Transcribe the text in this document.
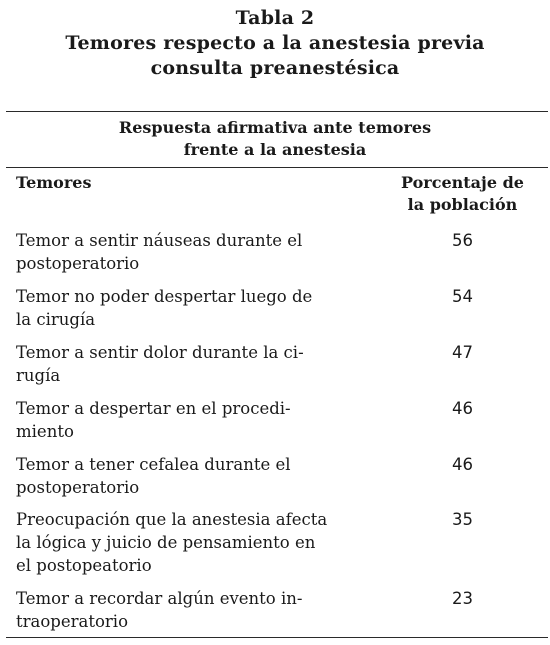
Tabla 2
Temores respecto a la anestesia previa
consulta preanestésica
Respuesta afirmativa ante temores
frente a la anestesia
Temores	Porcentaje de
la población
Temor a sentir náuseas durante el
postoperatorio
56
Temor no poder despertar luego de
la cirugía
54
Temor a sentir dolor durante la ci-
rugía
47
Temor a despertar en el procedi-
miento
46
Temor a tener cefalea durante el
postoperatorio
46
Preocupación que la anestesia afecta
la lógica y juicio de pensamiento en
el postopeatorio
35
Temor a recordar algún evento in-
traoperatorio
23
